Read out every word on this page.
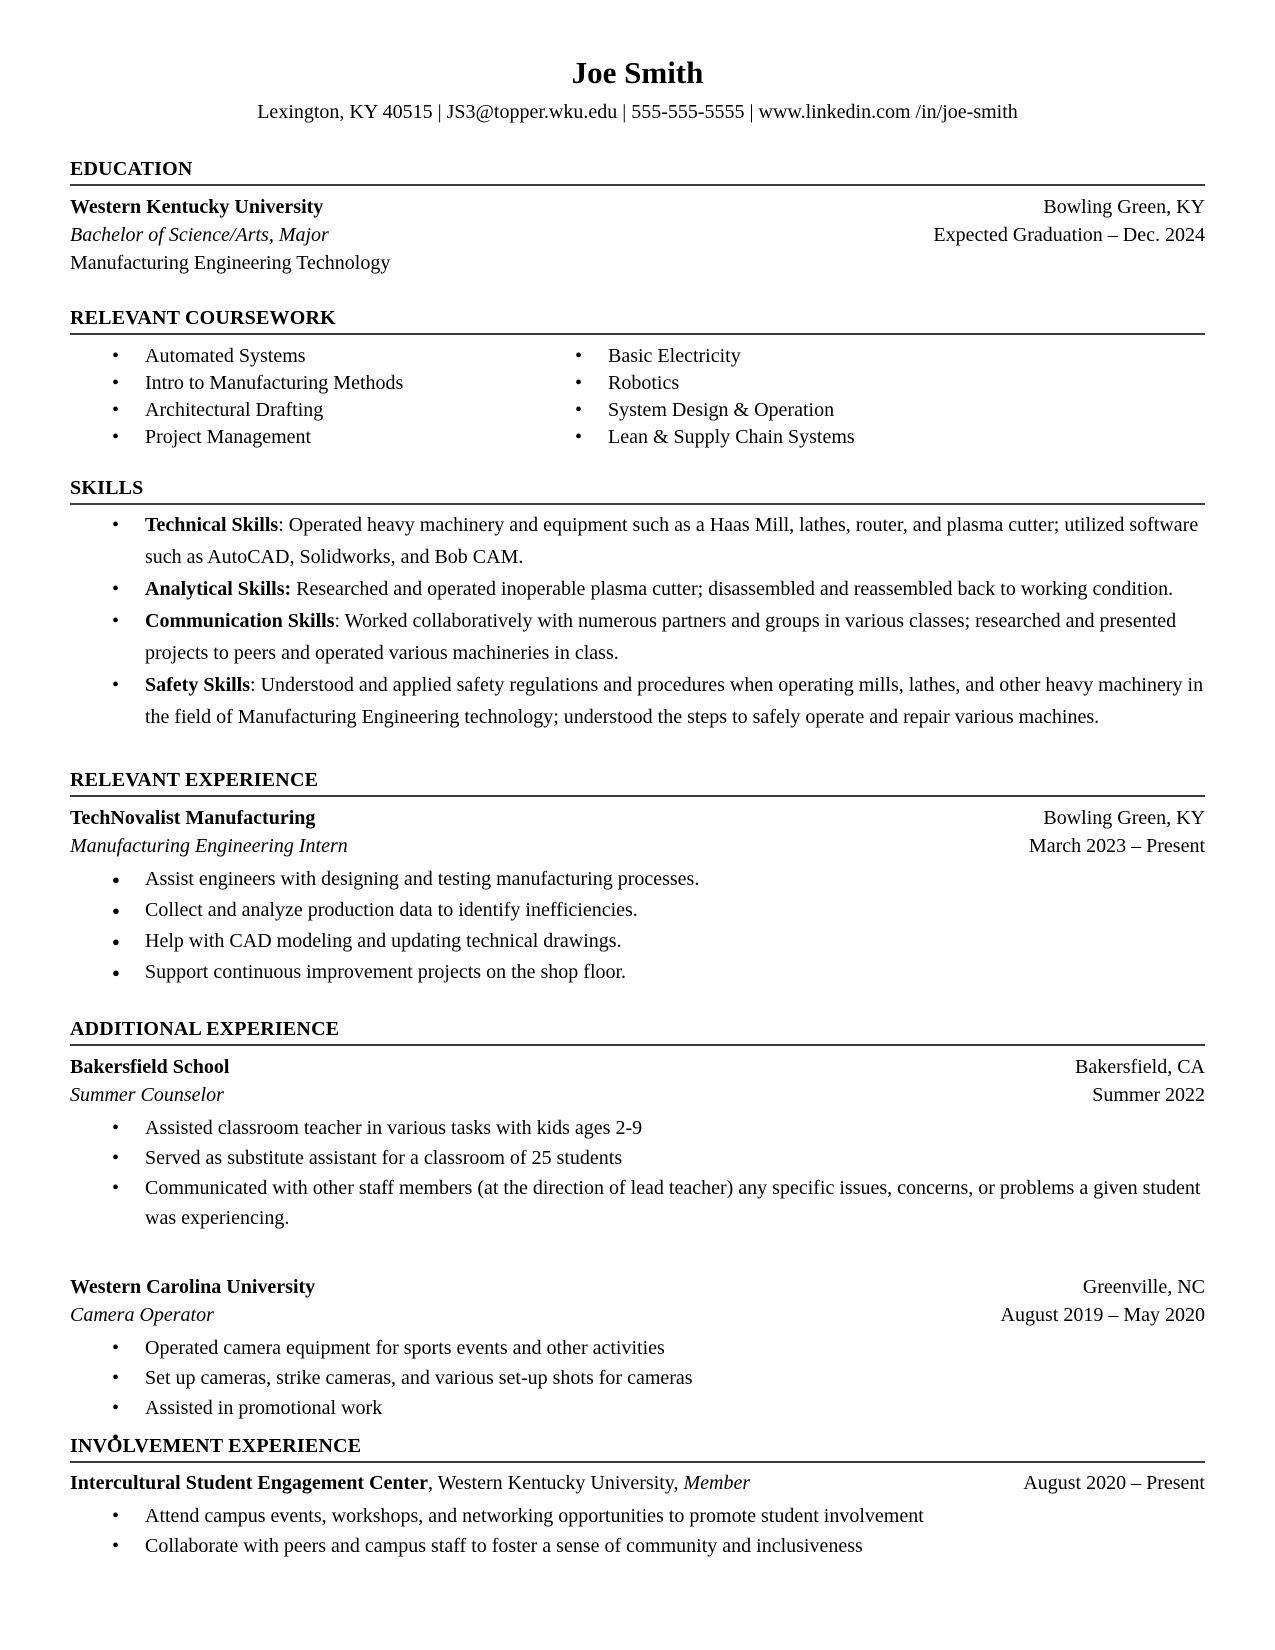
Joe Smith
Lexington, KY 40515 | JS3@topper.wku.edu | 555-555-5555 | www.linkedin.com /in/joe-smith
EDUCATION
Western Kentucky University	Bowling Green, KY
Bachelor of Science/Arts, Major	Expected Graduation – Dec. 2024
Manufacturing Engineering Technology
RELEVANT COURSEWORK
•
Automated Systems
•
Intro to Manufacturing Methods
•
Architectural Drafting
•
Project Management
•
Basic Electricity
•
Robotics
•
System Design & Operation
•
Lean & Supply Chain Systems
SKILLS
•
Technical Skills: Operated heavy machinery and equipment such as a Haas Mill, lathes, router, and plasma cutter; utilized software such as AutoCAD, Solidworks, and Bob CAM.
•
Analytical Skills: Researched and operated inoperable plasma cutter; disassembled and reassembled back to working condition.
•
Communication Skills: Worked collaboratively with numerous partners and groups in various classes; researched and presented projects to peers and operated various machineries in class.
•
Safety Skills: Understood and applied safety regulations and procedures when operating mills, lathes, and other heavy machinery in the field of Manufacturing Engineering technology; understood the steps to safely operate and repair various machines.
RELEVANT EXPERIENCE
TechNovalist Manufacturing	Bowling Green, KY
Manufacturing Engineering Intern	March 2023 – Present
●
Assist engineers with designing and testing manufacturing processes.
●
Collect and analyze production data to identify inefficiencies.
●
Help with CAD modeling and updating technical drawings.
●
Support continuous improvement projects on the shop floor.
ADDITIONAL EXPERIENCE
Bakersfield School	Bakersfield, CA
Summer Counselor	Summer 2022
•
Assisted classroom teacher in various tasks with kids ages 2-9
•
Served as substitute assistant for a classroom of 25 students
•
Communicated with other staff members (at the direction of lead teacher) any specific issues, concerns, or problems a given student was experiencing.
Western Carolina University	Greenville, NC
Camera Operator	August 2019 – May 2020
•
Operated camera equipment for sports events and other activities
•
Set up cameras, strike cameras, and various set-up shots for cameras
•
Assisted in promotional work
•
INVOLVEMENT EXPERIENCE
Intercultural Student Engagement Center, Western Kentucky University, Member	August 2020 – Present
•
Attend campus events, workshops, and networking opportunities to promote student involvement
•
Collaborate with peers and campus staff to foster a sense of community and inclusiveness
